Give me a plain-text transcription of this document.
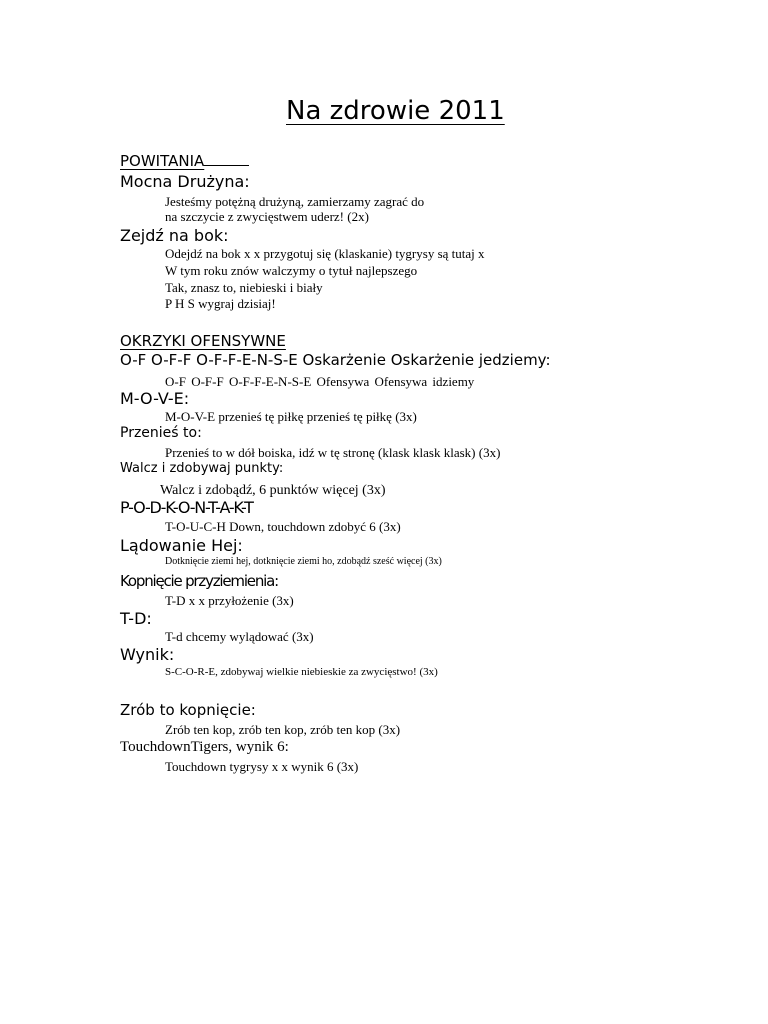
Na zdrowie 2011
POWITANIA
Mocna Drużyna:
Jesteśmy potężną drużyną, zamierzamy zagrać do
na szczycie z zwycięstwem uderz! (2x)
Zejdź na bok:
Odejdź na bok x x przygotuj się (klaskanie) tygrysy są tutaj x
W tym roku znów walczymy o tytuł najlepszego
Tak, znasz to, niebieski i biały
P H S wygraj dzisiaj!
OKRZYKI OFENSYWNE
O-F O-F-F O-F-F-E-N-S-E Oskarżenie Oskarżenie jedziemy:
O-F O-F-F O-F-F-E-N-S-E Ofensywa Ofensywa idziemy
M-O-V-E:
M-O-V-E przenieś tę piłkę przenieś tę piłkę (3x)
Przenieś to:
Przenieś to w dół boiska, idź w tę stronę (klask klask klask) (3x)
Walcz i zdobywaj punkty:
Walcz i zdobądź, 6 punktów więcej (3x)
P-O-D-K-O-N-T-A-K-T
T-O-U-C-H Down, touchdown zdobyć 6 (3x)
Lądowanie Hej:
Dotknięcie ziemi hej, dotknięcie ziemi ho, zdobądź sześć więcej (3x)
Kopnięcie przyziemienia:
T-D x x przyłożenie (3x)
T-D:
T-d chcemy wylądować (3x)
Wynik:
S-C-O-R-E, zdobywaj wielkie niebieskie za zwycięstwo! (3x)
Zrób to kopnięcie:
Zrób ten kop, zrób ten kop, zrób ten kop (3x)
TouchdownTigers, wynik 6:
Touchdown tygrysy x x wynik 6 (3x)
